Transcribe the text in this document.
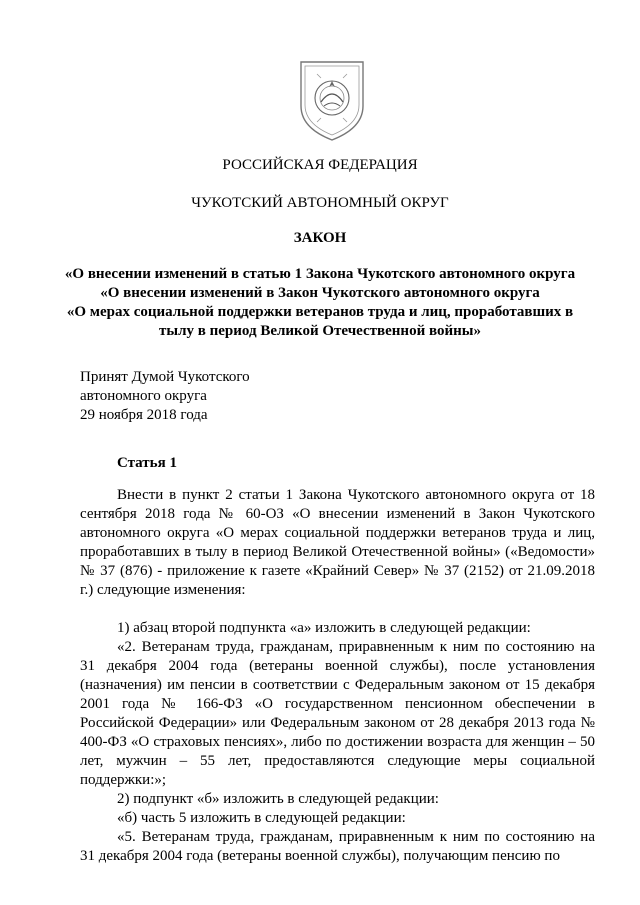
РОССИЙСКАЯ ФЕДЕРАЦИЯ
ЧУКОТСКИЙ АВТОНОМНЫЙ ОКРУГ
ЗАКОН
«О внесении изменений в статью 1 Закона Чукотского автономного округа
«О внесении изменений в Закон Чукотского автономного округа
«О мерах социальной поддержки ветеранов труда и лиц, проработавших в
тылу в период Великой Отечественной войны»
Принят Думой Чукотского
автономного округа
29 ноября 2018 года
Статья 1

Внести в пункт 2 статьи 1 Закона Чукотского автономного округа от 18 сентября 2018 года № 60-ОЗ «О внесении изменений в Закон Чукотского автономного округа «О мерах социальной поддержки ветеранов труда и лиц, проработавших в тылу в период Великой Отечественной войны» («Ведомости» № 37 (876) - приложение к газете «Крайний Север» № 37 (2152) от 21.09.2018 г.) следующие изменения:

1) абзац второй подпункта «а» изложить в следующей редакции:

«2. Ветеранам труда, гражданам, приравненным к ним по состоянию на 31 декабря 2004 года (ветераны военной службы), после установления (назначения) им пенсии в соответствии с Федеральным законом от 15 декабря 2001 года № 166-ФЗ «О государственном пенсионном обеспечении в Российской Федерации» или Федеральным законом от 28 декабря 2013 года № 400-ФЗ «О страховых пенсиях», либо по достижении возраста для женщин – 50 лет, мужчин – 55 лет, предоставляются следующие меры социальной поддержки:»;

2) подпункт «б» изложить в следующей редакции:

«б) часть 5 изложить в следующей редакции:

«5. Ветеранам труда, гражданам, приравненным к ним по состоянию на 31 декабря 2004 года (ветераны военной службы), получающим пенсию по
